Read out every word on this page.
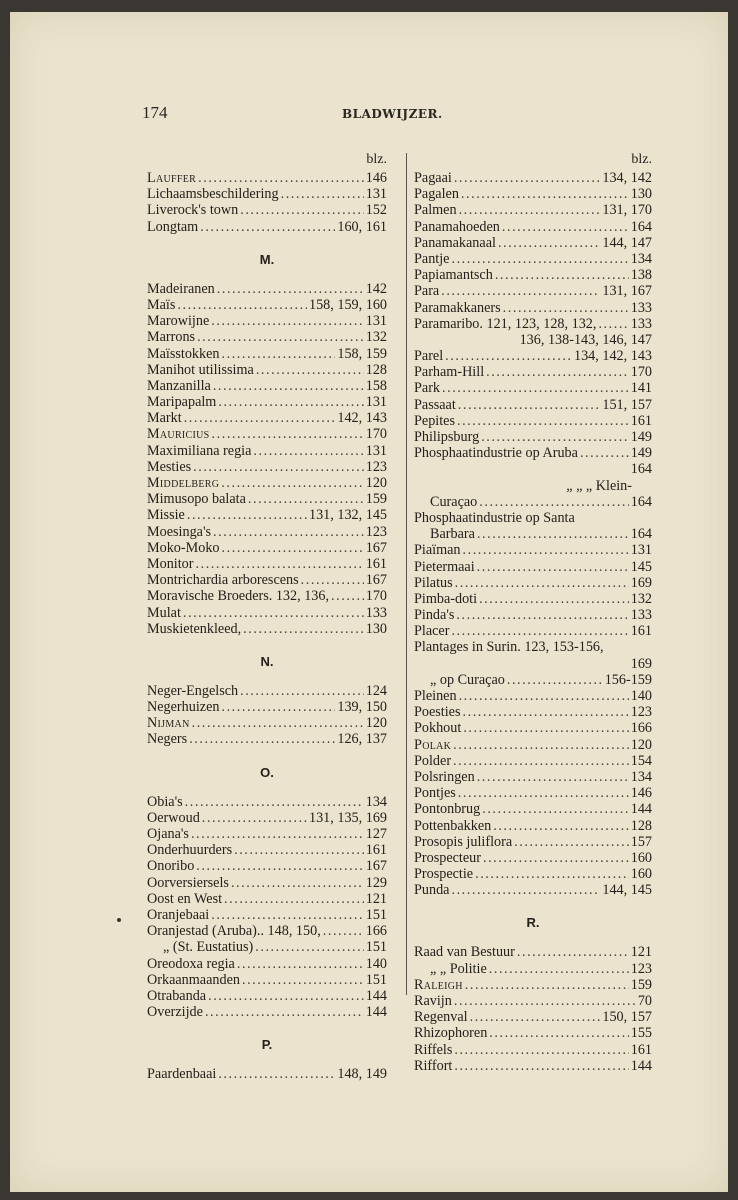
174	BLADWIJZER.
blz.
Lauffer . . .	146
Lichaamsbeschildering . . .	131
Liverock's town . . .	152
Longtam . . .	160, 161
M.
Madeiranen . . .	142
Maïs . . .	158, 159, 160
Marowijne . . .	131
Marrons . . .	132
Maïsstokken . . .	158, 159
Manihot utilissima . . .	128
Manzanilla . . .	158
Maripapalm . . .	131
Markt . . .	142, 143
Mauricius . . .	170
Maximiliana regia . . .	131
Mesties . . .	123
Middelberg . . .	120
Mimusopo balata . . .	159
Missie . . .	131, 132, 145
Moesinga's . . .	123
Moko-Moko . . .	167
Monitor . . .	161
Montrichardia arborescens . . .	167
Moravische Broeders. 132, 136, . . .	170
Mulat . . .	133
Muskietenkleed, . . .	130
N.
Neger-Engelsch . . .	124
Negerhuizen . . .	139, 150
Nijman . . .	120
Negers . . .	126, 137
O.
Obia's . . .	134
Oerwoud . . .	131, 135, 169
Ojana's . . .	127
Onderhuurders . . .	161
Onoribo . . .	167
Oorversiersels . . .	129
Oost en West . . .	121
Oranjebaai . . .	151
Oranjestad (Aruba).. 148, 150, . . .	166
„ (St. Eustatius) . . .	151
Oreodoxa regia . . .	140
Orkaanmaanden . . .	151
Otrabanda . . .	144
Overzijde . . .	144
P.
Paardenbaai . . .	148, 149
blz.
Pagaai . . .	134, 142
Pagalen . . .	130
Palmen . . .	131, 170
Panamahoeden . . .	164
Panamakanaal . . .	144, 147
Pantje . . .	134
Papiamantsch . . .	138
Para . . .	131, 167
Paramakkaners . . .	133
Paramaribo. 121, 123, 128, 132, . . . 133
136, 138-143, 146, 147
Parel . . .	134, 142, 143
Parham-Hill . . .	170
Park . . .	141
Passaat . . .	151, 157
Pepites . . .	161
Philipsburg . . .	149
Phosphaatindustrie op Aruba . . .	149
164
„ „ „ Klein-
Curaçao . . .	164
Phosphaatindustrie op Santa
Barbara . . .	164
Piaïman . . .	131
Pietermaai . . .	145
Pilatus . . .	169
Pimba-doti . . .	132
Pinda's . . .	133
Placer . . .	161
Plantages in Surin. 123, 153-156,
169
„ op Curaçao . . .	156-159
Pleinen . . .	140
Poesties . . .	123
Pokhout . . .	166
Polak . . .	120
Polder . . .	154
Polsringen . . .	134
Pontjes . . .	146
Pontonbrug . . .	144
Pottenbakken . . .	128
Prosopis juliflora . . .	157
Prospecteur . . .	160
Prospectie . . .	160
Punda . . .	144, 145
R.
Raad van Bestuur . . .	121
„ „ Politie . . .	123
Raleigh . . .	159
Ravijn . . .	70
Regenval . . .	150, 157
Rhizophoren . . .	155
Riffels . . .	161
Riffort . . .	144
